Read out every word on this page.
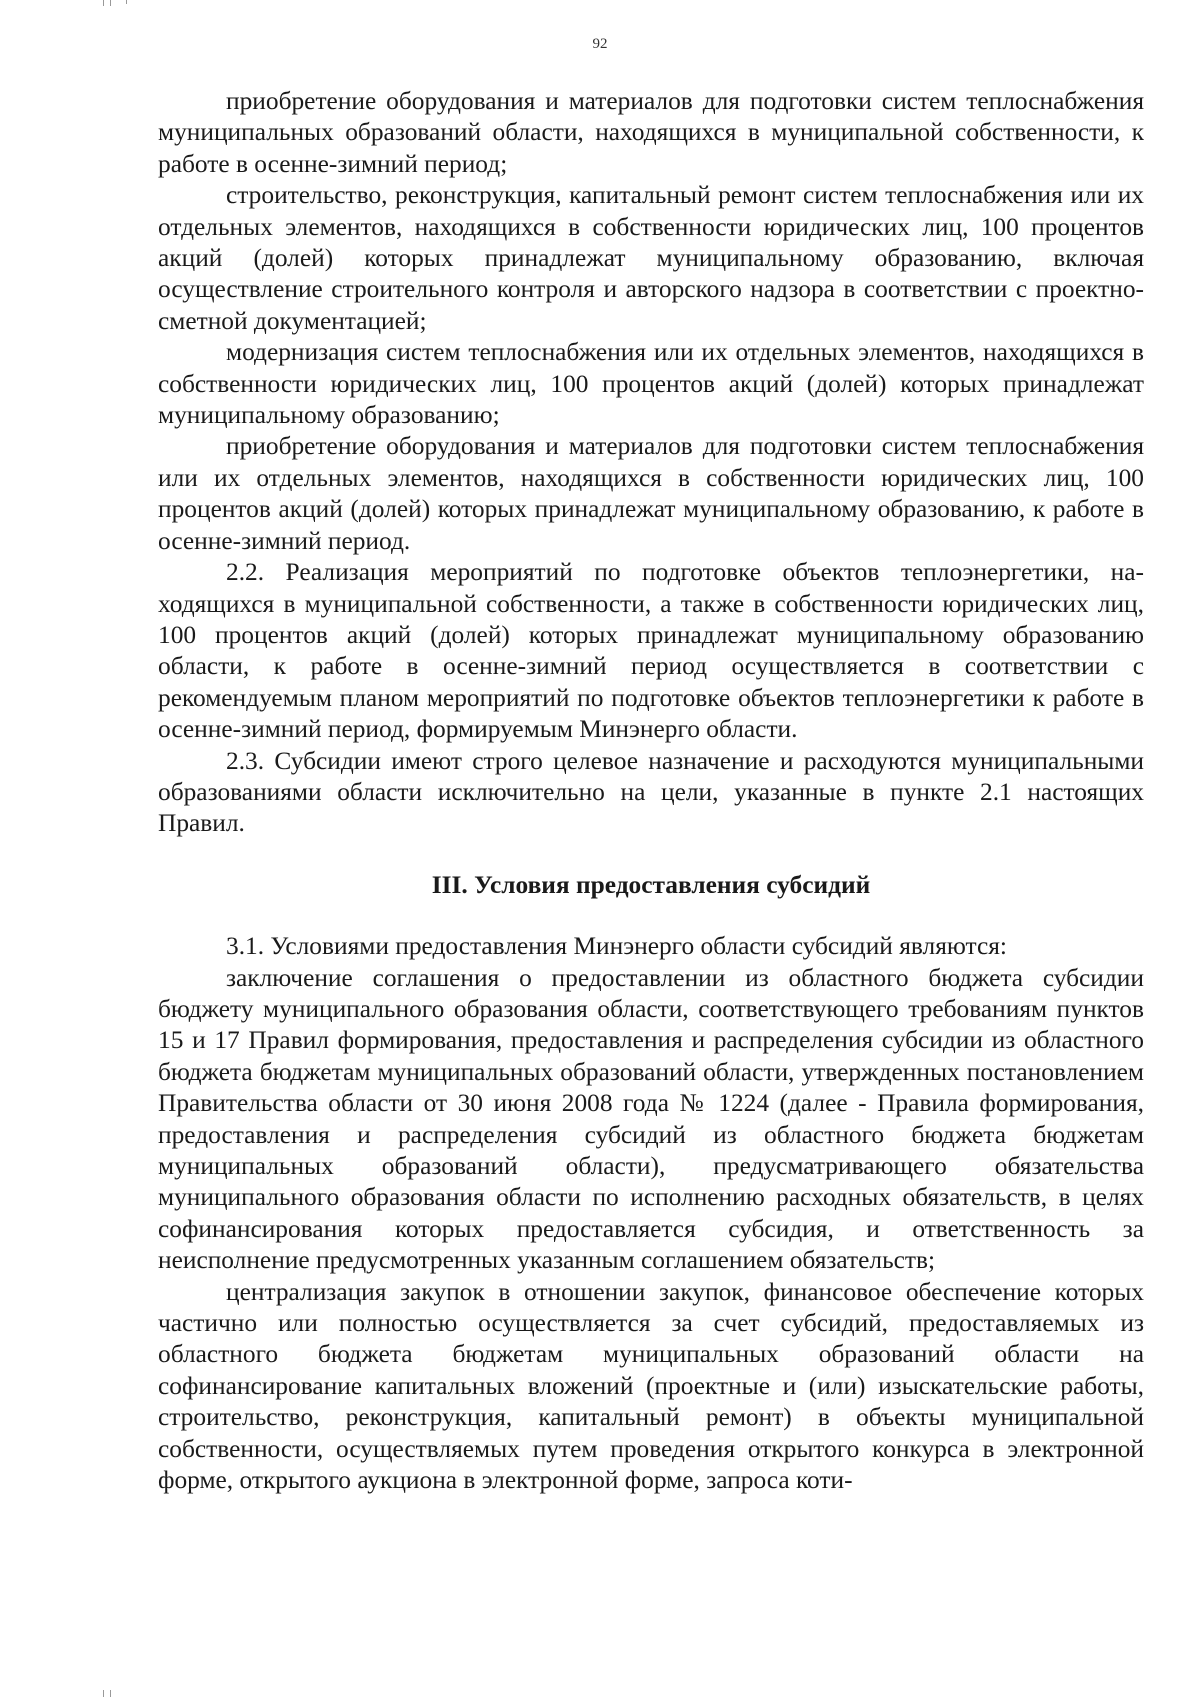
92

приобретение оборудования и материалов для подготовки систем теплоснабжения муниципальных образований области, находящихся в муниципальной собственности, к работе в осенне-зимний период;

строительство, реконструкция, капитальный ремонт систем теплоснабжения или их отдельных элементов, находящихся в собственности юридических лиц, 100 процентов акций (долей) которых принадлежат муниципальному образованию, включая осуществление строительного контроля и авторского надзора в соответствии с проектно-сметной документацией;

модернизация систем теплоснабжения или их отдельных элементов, находящихся в собственности юридических лиц, 100 процентов акций (долей) которых принадлежат муниципальному образованию;

приобретение оборудования и материалов для подготовки систем теплоснабжения или их отдельных элементов, находящихся в собственности юридических лиц, 100 процентов акций (долей) которых принадлежат муниципальному образованию, к работе в осенне-зимний период.

2.2. Реализация мероприятий по подготовке объектов теплоэнергетики, находящихся в муниципальной собственности, а также в собственности юридических лиц, 100 процентов акций (долей) которых принадлежат муниципальному образованию области, к работе в осенне-зимний период осуществляется в соответствии с рекомендуемым планом мероприятий по подготовке объектов теплоэнергетики к работе в осенне-зимний период, формируемым Минэнерго области.

2.3. Субсидии имеют строго целевое назначение и расходуются муниципальными образованиями области исключительно на цели, указанные в пункте 2.1 настоящих Правил.

III. Условия предоставления субсидий

3.1. Условиями предоставления Минэнерго области субсидий являются:

заключение соглашения о предоставлении из областного бюджета субсидии бюджету муниципального образования области, соответствующего требованиям пунктов 15 и 17 Правил формирования, предоставления и распределения субсидии из областного бюджета бюджетам муниципальных образований области, утвержденных постановлением Правительства области от 30 июня 2008 года № 1224 (далее - Правила формирования, предоставления и распределения субсидий из областного бюджета бюджетам муниципальных образований области), предусматривающего обязательства муниципального образования области по исполнению расходных обязательств, в целях софинансирования которых предоставляется субсидия, и ответственность за неисполнение предусмотренных указанным соглашением обязательств;

централизация закупок в отношении закупок, финансовое обеспечение которых частично или полностью осуществляется за счет субсидий, предоставляемых из областного бюджета бюджетам муниципальных образований области на софинансирование капитальных вложений (проектные и (или) изыскательские работы, строительство, реконструкция, капитальный ремонт) в объекты муниципальной собственности, осуществляемых путем проведения открытого конкурса в электронной форме, открытого аукциона в электронной форме, запроса коти-
